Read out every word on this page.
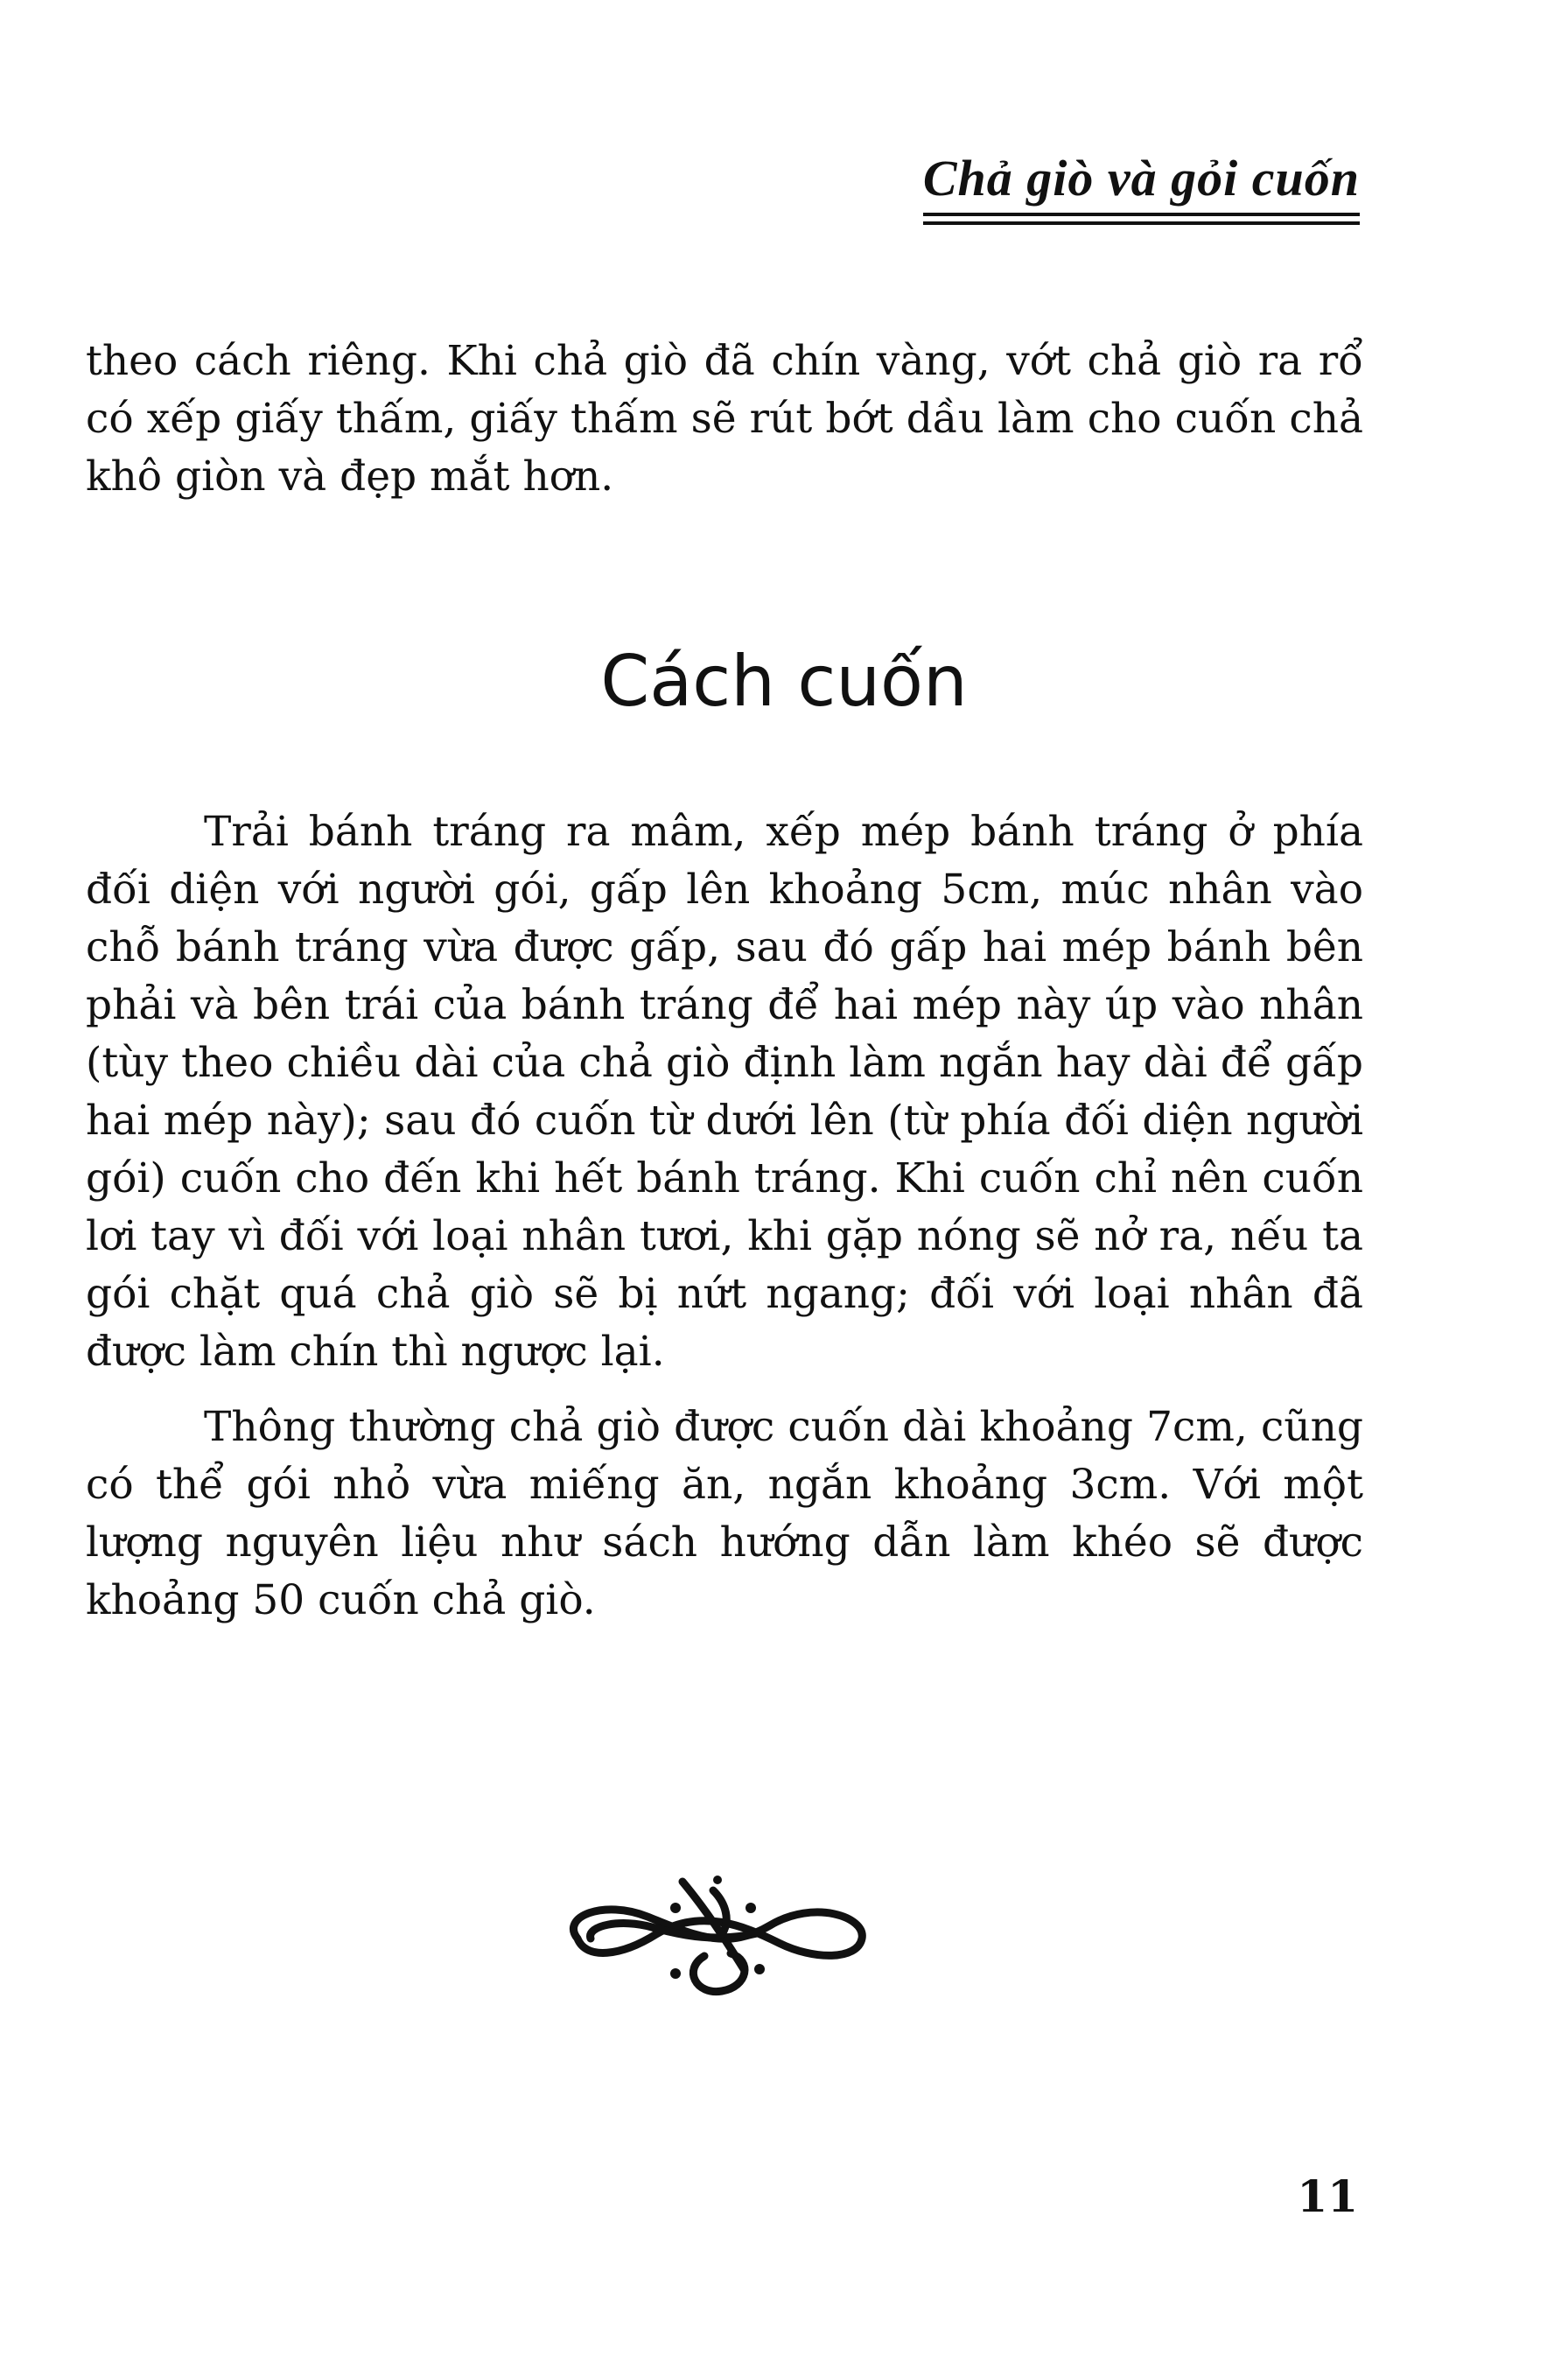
Chả giò và gỏi cuốn

theo cách riêng. Khi chả giò đã chín vàng, vớt chả giò ra rổ có xếp giấy thấm, giấy thấm sẽ rút bớt dầu làm cho cuốn chả khô giòn và đẹp mắt hơn.

Cách cuốn

Trải bánh tráng ra mâm, xếp mép bánh tráng ở phía đối diện với người gói, gấp lên khoảng 5cm, múc nhân vào chỗ bánh tráng vừa được gấp, sau đó gấp hai mép bánh bên phải và bên trái của bánh tráng để hai mép này úp vào nhân (tùy theo chiều dài của chả giò định làm ngắn hay dài để gấp hai mép này); sau đó cuốn từ dưới lên (từ phía đối diện người gói) cuốn cho đến khi hết bánh tráng. Khi cuốn chỉ nên cuốn lơi tay vì đối với loại nhân tươi, khi gặp nóng sẽ nở ra, nếu ta gói chặt quá chả giò sẽ bị nứt ngang; đối với loại nhân đã được làm chín thì ngược lại.

Thông thường chả giò được cuốn dài khoảng 7cm, cũng có thể gói nhỏ vừa miếng ăn, ngắn khoảng 3cm. Với một lượng nguyên liệu như sách hướng dẫn làm khéo sẽ được khoảng 50 cuốn chả giò.

11
